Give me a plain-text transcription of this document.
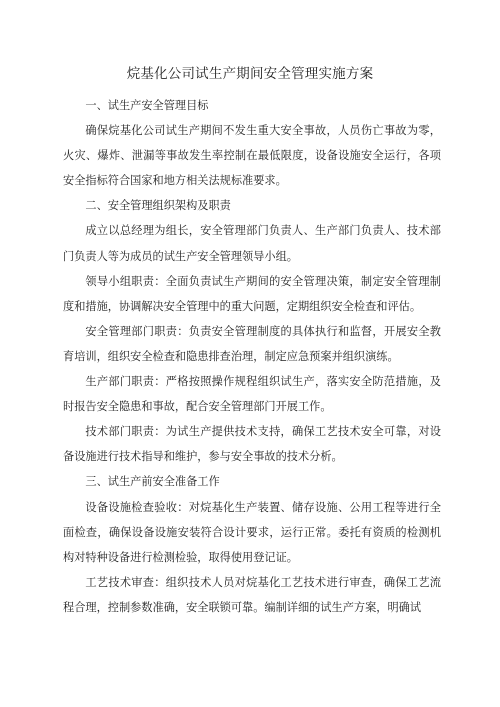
烷基化公司试生产期间安全管理实施方案

一、试生产安全管理目标

确保烷基化公司试生产期间不发生重大安全事故，人员伤亡事故为零，火灾、爆炸、泄漏等事故发生率控制在最低限度，设备设施安全运行，各项安全指标符合国家和地方相关法规标准要求。

二、安全管理组织架构及职责

成立以总经理为组长，安全管理部门负责人、生产部门负责人、技术部门负责人等为成员的试生产安全管理领导小组。

领导小组职责：全面负责试生产期间的安全管理决策，制定安全管理制度和措施，协调解决安全管理中的重大问题，定期组织安全检查和评估。

安全管理部门职责：负责安全管理制度的具体执行和监督，开展安全教育培训，组织安全检查和隐患排查治理，制定应急预案并组织演练。

生产部门职责：严格按照操作规程组织试生产，落实安全防范措施，及时报告安全隐患和事故，配合安全管理部门开展工作。

技术部门职责：为试生产提供技术支持，确保工艺技术安全可靠，对设备设施进行技术指导和维护，参与安全事故的技术分析。

三、试生产前安全准备工作

设备设施检查验收：对烷基化生产装置、储存设施、公用工程等进行全面检查，确保设备设施安装符合设计要求，运行正常。委托有资质的检测机构对特种设备进行检测检验，取得使用登记证。

工艺技术审查：组织技术人员对烷基化工艺技术进行审查，确保工艺流程合理，控制参数准确，安全联锁可靠。编制详细的试生产方案，明确试
